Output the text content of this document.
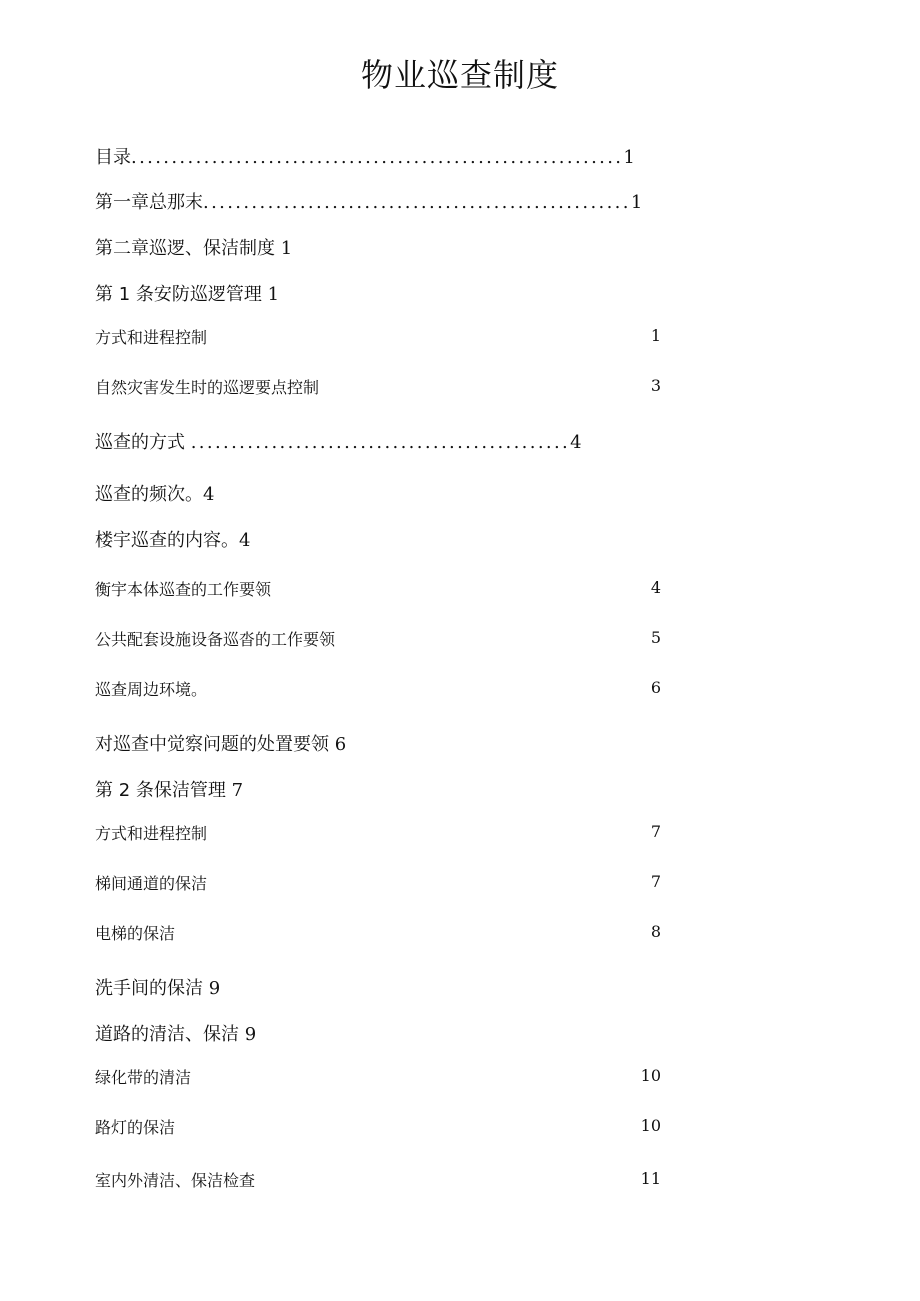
物业巡查制度
目录.............................................................1
第一章总那末.....................................................1
第二章巡逻、保洁制度 1
第 1 条安防巡逻管理 1
方式和进程控制	1
自然灾害发生时的巡逻要点控制	3
巡查的方式 ...............................................4
巡查的频次。4
楼宇巡查的内容。4
衡宇本体巡查的工作要领	4
公共配套设施设备巡沓的工作要领	5
巡查周边环境。	6
对巡查中觉察问题的处置要领 6
第 2 条保洁管理 7
方式和进程控制	7
梯间通道的保洁	7
电梯的保洁	8
洗手间的保洁 9
道路的清洁、保洁 9
绿化带的清洁	10
路灯的保洁	10
室内外清洁、保洁检查	11
